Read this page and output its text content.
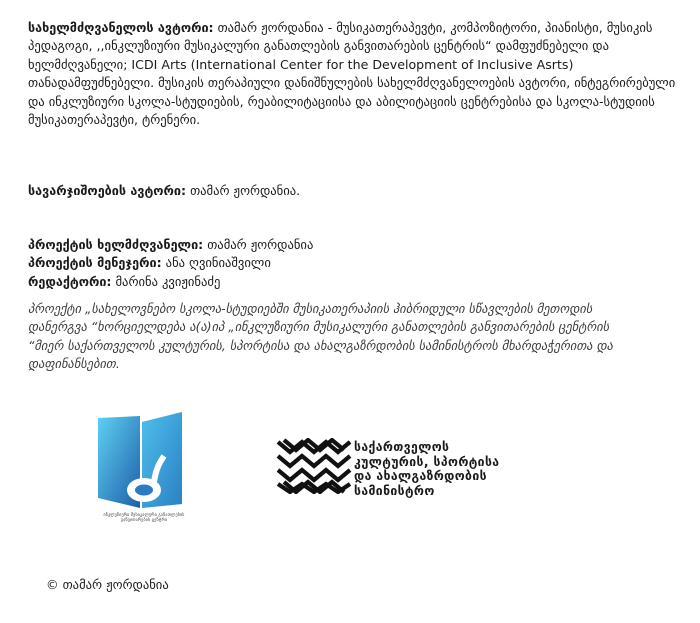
სახელმძღვანელოს ავტორი: თამარ ჟორდანია - მუსიკათერაპევტი, კომპოზიტორი, პიანისტი, მუსიკის პედაგოგი, ,,ინკლუზიური მუსიკალური განათლების განვითარების ცენტრის“ დამფუძნებელი და ხელმძღვანელი; ICDI Arts (International Center for the Development of Inclusive Asrts) თანადამფუძნებელი. მუსიკის თერაპიული დანიშნულების სახელმძღვანელოების ავტორი, ინტეგრირებული და ინკლუზიური სკოლა-სტუდიების, რეაბილიტაციისა და აბილიტაციის ცენტრებისა და სკოლა-სტუდიის მუსიკათერაპევტი, ტრენერი.

სავარჯიშოების ავტორი: თამარ ჟორდანია.

პროექტის ხელმძღვანელი: თამარ ჟორდანია
პროექტის მენეჯერი: ანა ღვინიაშვილი
რედაქტორი: მარინა კვიჟინაძე

პროექტი „სახელოვნებო სკოლა-სტუდიებში მუსიკათერაპიის ჰიბრიდული სწავლების მეთოდის დანერგვა “ხორციელდება ა(ა)იპ „ინკლუზიური მუსიკალური განათლების განვითარების ცენტრის “მიერ საქართველოს კულტურის, სპორტისა და ახალგაზრდობის სამინისტროს მხარდაჭერითა და დაფინანსებით.

ინკლუზიური მუსიკალური განათლების განვითარების ცენტრი
საქართველოს
კულტურის, სპორტისა
და ახალგაზრდობის
სამინისტრო
© თამარ ჟორდანია
